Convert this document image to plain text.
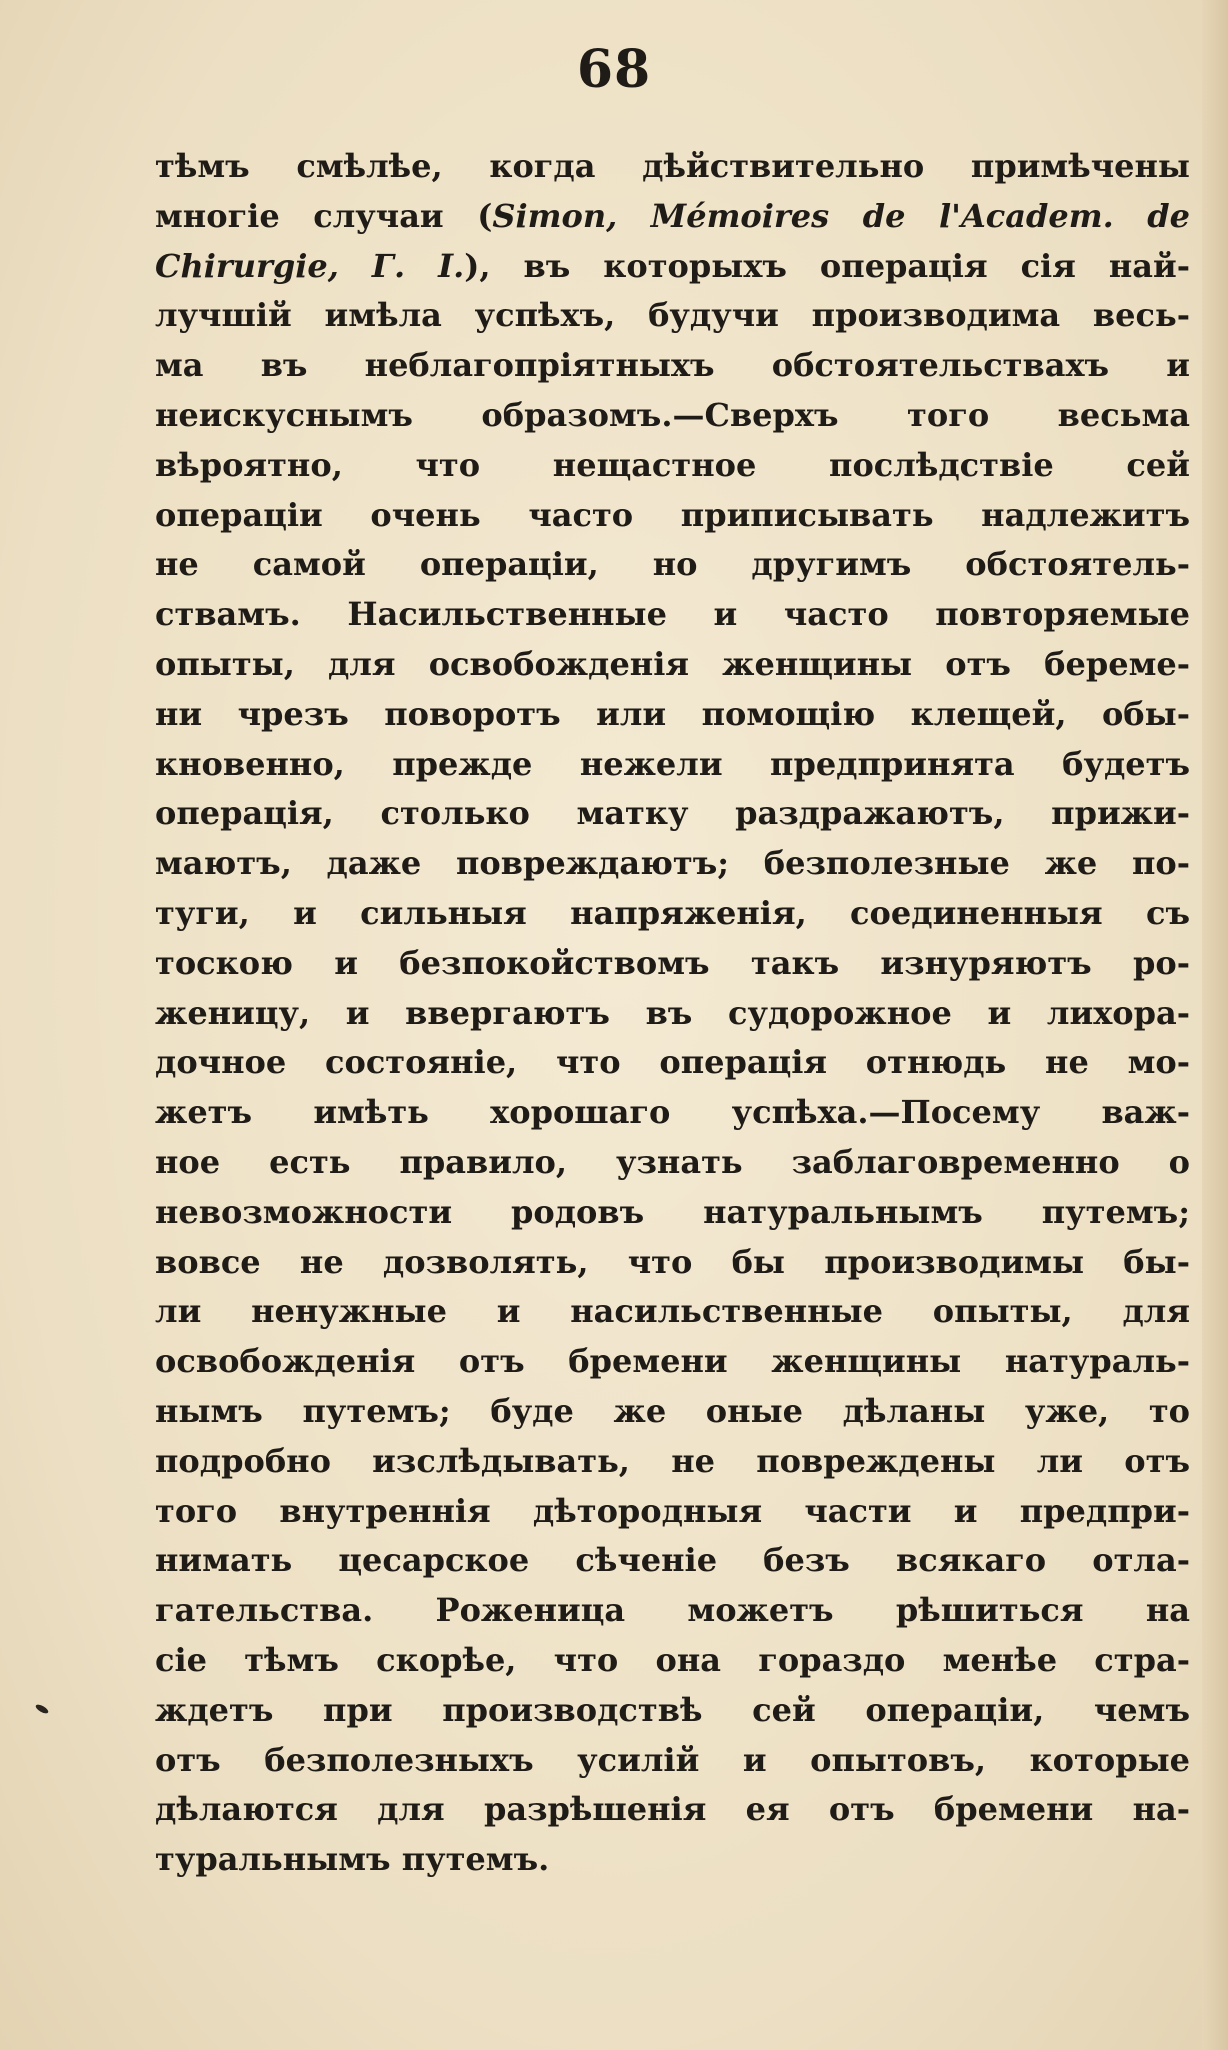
68
тѣмъ смѣлѣе, когда дѣйствительно примѣчены
многіе случаи (Simon, Mémoires de l'Academ. de
Chirurgie, Г. I.), въ которыхъ операція сія най-
лучшій имѣла успѣхъ, будучи производима весь-
ма въ неблагопріятныхъ обстоятельствахъ и
неискуснымъ образомъ.—Сверхъ того весьма
вѣроятно, что нещастное послѣдствіе сей
операціи очень часто приписывать надлежитъ
не самой операціи, но другимъ обстоятель-
ствамъ. Насильственные и часто повторяемые
опыты, для освобожденія женщины отъ беремe-
ни чрезъ поворотъ или помощію клещей, обы-
кновенно, прежде нежели предпринята будетъ
операція, столько матку раздражаютъ, прижи-
маютъ, даже повреждаютъ; безполезные же по-
туги, и сильныя напряженія, соединенныя съ
тоскою и безпокойствомъ такъ изнуряютъ ро-
женицу, и ввергаютъ въ судорожное и лихора-
дочное состояніе, что операція отнюдь не мо-
жетъ имѣть хорошаго успѣха.—Посему важ-
ное есть правило, узнать заблаговременно о
невозможности родовъ натуральнымъ путемъ;
вовсе не дозволять, что бы производимы бы-
ли ненужные и насильственные опыты, для
освобожденія отъ бремени женщины натураль-
нымъ путемъ; буде же оные дѣланы уже, то
подробно изслѣдывать, не повреждены ли отъ
того внутреннія дѣтородныя части и предпри-
нимать цесарское сѣченіе безъ всякаго отла-
гательства. Роженица можетъ рѣшиться на
сіе тѣмъ скорѣе, что она гораздо менѣе стра-
ждетъ при производствѣ сей операціи, чемъ
отъ безполезныхъ усилій и опытовъ, которые
дѣлаются для разрѣшенія ея отъ бремени на-
туральнымъ путемъ.
